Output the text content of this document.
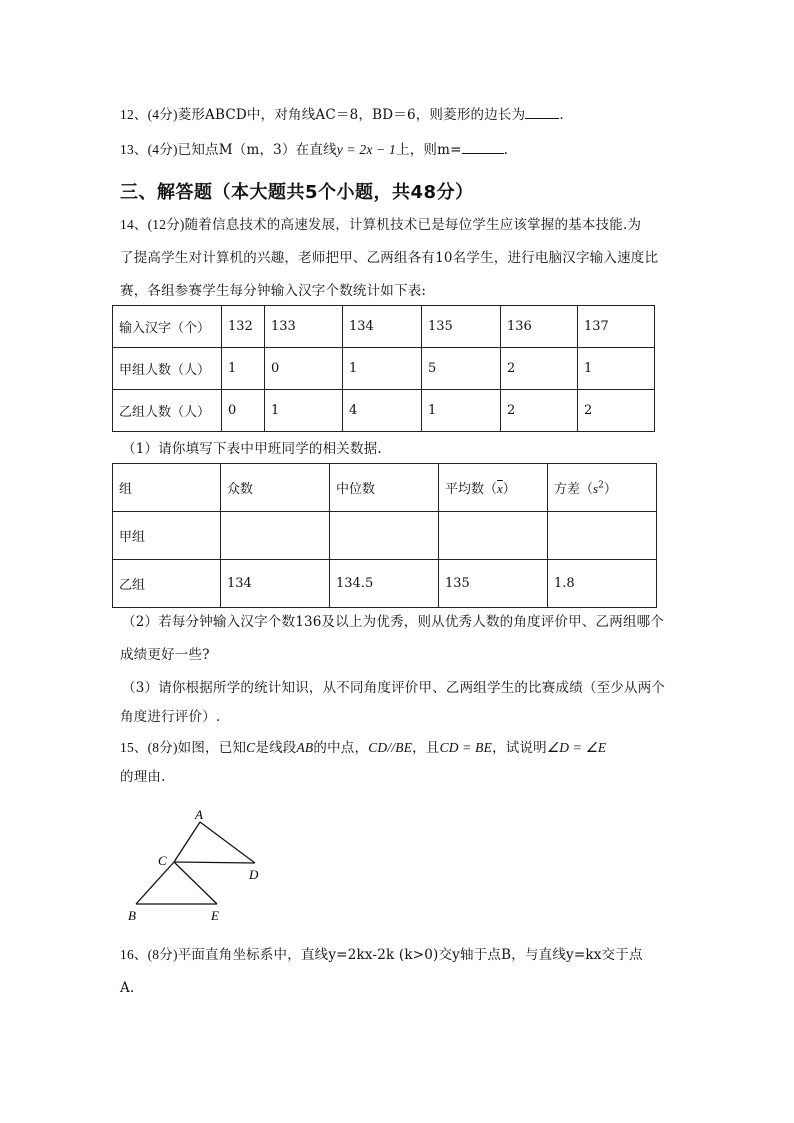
12、(4分)菱形ABCD中，对角线AC＝8，BD＝6，则菱形的边长为	.
13、(4分)已知点M（m，3）在直线y = 2x − 1上，则m=	.
三、解答题（本大题共5个小题，共48分）
14、(12分)随着信息技术的高速发展，计算机技术已是每位学生应该掌握的基本技能.为
了提高学生对计算机的兴趣，老师把甲、乙两组各有10名学生，进行电脑汉字输入速度比
赛，各组参赛学生每分钟输入汉字个数统计如下表:
输入汉字（个）	132	133	134	135	136	137
甲组人数（人）	1	0	1	5	2	1
乙组人数（人）	0	1	4	1	2	2
（1）请你填写下表中甲班同学的相关数据.
组	众数	中位数	平均数$(\overline{x})$	方差$(s^2)$
甲组				
乙组	134	134.5	135	1.8
（2）若每分钟输入汉字个数136及以上为优秀，则从优秀人数的角度评价甲、乙两组哪个
成绩更好一些?
（3）请你根据所学的统计知识，从不同角度评价甲、乙两组学生的比赛成绩（至少从两个
角度进行评价）.
15、(8分)如图，已知C是线段AB的中点，CD//BE，且CD = BE，试说明∠D = ∠E
的理由.
A
C
D
B	E
16、(8分)平面直角坐标系中，直线y=2kx-2k (k>0)交y轴于点B，与直线y=kx交于点
A.
